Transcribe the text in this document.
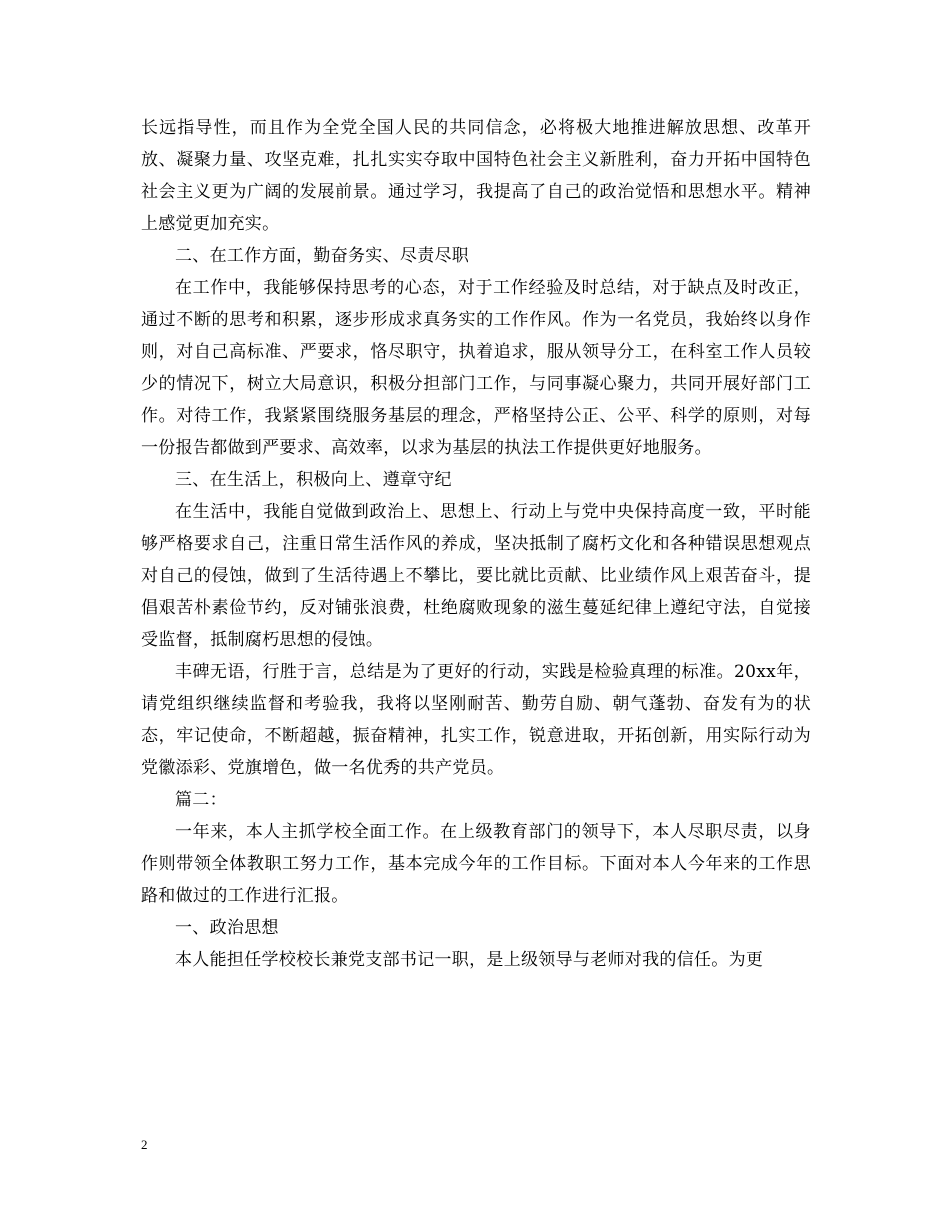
长远指导性，而且作为全党全国人民的共同信念，必将极大地推进解放思想、改革开放、凝聚力量、攻坚克难，扎扎实实夺取中国特色社会主义新胜利，奋力开拓中国特色社会主义更为广阔的发展前景。通过学习，我提高了自己的政治觉悟和思想水平。精神上感觉更加充实。

二、在工作方面，勤奋务实、尽责尽职

在工作中，我能够保持思考的心态，对于工作经验及时总结，对于缺点及时改正，通过不断的思考和积累，逐步形成求真务实的工作作风。作为一名党员，我始终以身作则，对自己高标准、严要求，恪尽职守，执着追求，服从领导分工，在科室工作人员较少的情况下，树立大局意识，积极分担部门工作，与同事凝心聚力，共同开展好部门工作。对待工作，我紧紧围绕服务基层的理念，严格坚持公正、公平、科学的原则，对每一份报告都做到严要求、高效率，以求为基层的执法工作提供更好地服务。

三、在生活上，积极向上、遵章守纪

在生活中，我能自觉做到政治上、思想上、行动上与党中央保持高度一致，平时能够严格要求自己，注重日常生活作风的养成，坚决抵制了腐朽文化和各种错误思想观点对自己的侵蚀，做到了生活待遇上不攀比，要比就比贡献、比业绩作风上艰苦奋斗，提倡艰苦朴素俭节约，反对铺张浪费，杜绝腐败现象的滋生蔓延纪律上遵纪守法，自觉接受监督，抵制腐朽思想的侵蚀。

丰碑无语，行胜于言，总结是为了更好的行动，实践是检验真理的标准。20xx年，请党组织继续监督和考验我，我将以坚刚耐苦、勤劳自励、朝气蓬勃、奋发有为的状态，牢记使命，不断超越，振奋精神，扎实工作，锐意进取，开拓创新，用实际行动为党徽添彩、党旗增色，做一名优秀的共产党员。

篇二：

一年来，本人主抓学校全面工作。在上级教育部门的领导下，本人尽职尽责，以身作则带领全体教职工努力工作，基本完成今年的工作目标。下面对本人今年来的工作思路和做过的工作进行汇报。

一、政治思想

本人能担任学校校长兼党支部书记一职，是上级领导与老师对我的信任。为更

2
